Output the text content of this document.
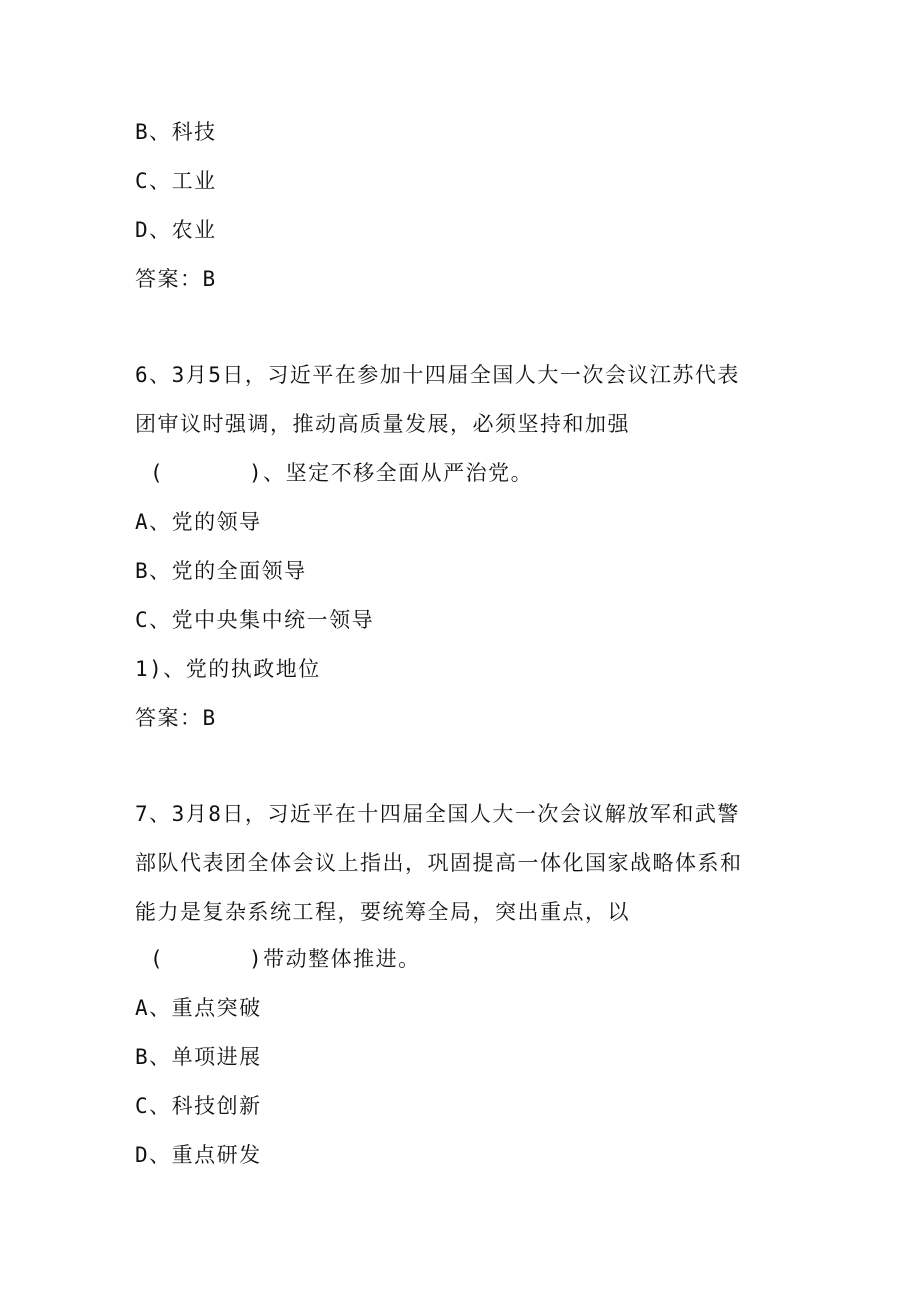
B、科技
C、工业
D、农业
答案：B
6、3月5日，习近平在参加十四届全国人大一次会议江苏代表
团审议时强调，推动高质量发展，必须坚持和加强
(      )、坚定不移全面从严治党。
A、党的领导
B、党的全面领导
C、党中央集中统一领导
1)、党的执政地位
答案：B
7、3月8日，习近平在十四届全国人大一次会议解放军和武警
部队代表团全体会议上指出，巩固提高一体化国家战略体系和
能力是复杂系统工程，要统筹全局，突出重点，以
(      )带动整体推进。
A、重点突破
B、单项进展
C、科技创新
D、重点研发
